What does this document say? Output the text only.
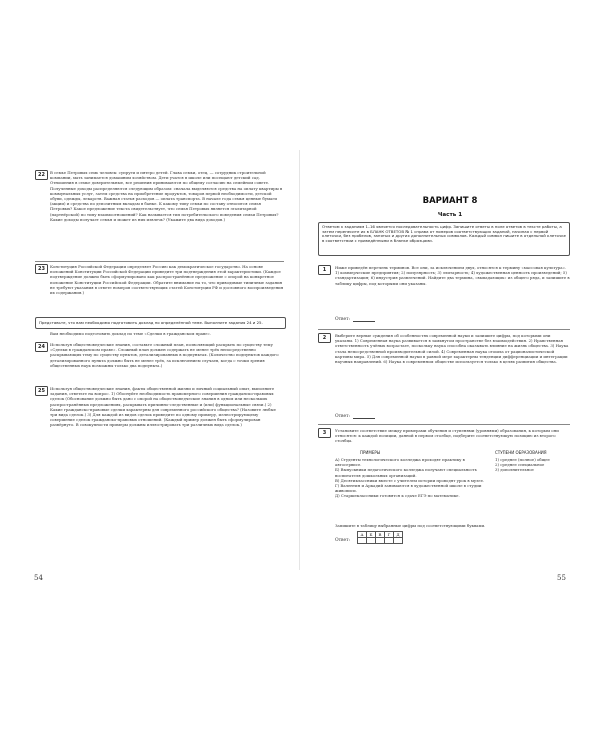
22	В семье Петровых семь человек: супруги и пятеро детей. Глава семьи, отец, — сотрудник строительной компании, мать занимается домашним хозяйством. Дети учатся в школе или посещают детский сад. Отношения в семье доверительные, все решения принимаются по общему согласию на семейном совете. Полученные доходы распределяются следующим образом: сначала выделяются средства на оплату квартиры в коммунальных услуг, затем средства на приобретение продуктов, товаров первой необходимости, детской обуви, одежды, лекарств. Важная статья расходов — оплата транспорта. В начале года семья ценные бумаги (акции) и средства по депозитным вкладам в банке. К какому типу семьи по составу относится семья Петровых? Какое предложение текста свидетельствует, что семья Петровых является эгалитарной (партнёрской) по типу взаимоотношений? Как называется тип потребительского поведения семьи Петровых? Какие доходы получает семья и может из них извлечь? (Укажите два вида доходов.)
23	Конституция Российской Федерации определяет Россию как демократическое государство. На основе положений Конституции Российской Федерации приведите три подтверждения этой характеристики. (Каждое подтверждение должно быть сформулировано как распространённое предложение с опорой на конкретное положение Конституции Российской Федерации. Обратите внимание на то, что приводимые типичные задания не требуют указания в ответе номеров соответствующих статей Конституции РФ и дословного воспроизведения их содержания.)
Представьте, что вам необходимо подготовить доклад по определённой теме. Выполните задания 24 и 25.
Вам необходимо подготовить доклад по теме «Сделки в гражданском праве».
24	Используя обществоведческие знания, составьте сложный план, позволяющий раскрыть по существу тему «Сделки в гражданском праве». Сложный план должен содержать не менее трёх непосредственно раскрывающих тему по существу пунктов, детализированных в подпунктах. (Количество подпунктов каждого детализированного пункта должно быть не менее трёх, за исключением случаев, когда с точки зрения общественных наук возможны только два подпункта.)
25	Используя обществоведческие знания, факты общественной жизни и личный социальный опыт, выполните задания, ответьте на вопрос. 1) Обоснуйте необходимость правомерного совершения гражданско-правовых сделок (Обоснование должно быть дано с опорой на обществоведческие знания в одном или нескольких распространённых предложениях, раскрывать причинно-следственные и (или) функциональные связи.) 2) Какие гражданско-правовые сделки характерны для современного российского общества? (Назовите любые три вида сделок.) 3) Для каждой из видов сделок приведите по одному примеру, иллюстрирующему совершение сделок гражданско-правовых отношений. (Каждый пример должен быть сформулирован развёрнуто. В совокупности примеры должны иллюстрировать три различных вида сделок.)
54
ВАРИАНТ 8
Часть 1
Ответом к заданиям 1–16 является последовательность цифр. Запишите ответы в поле ответов в тексте работы, а затем перенесите их в БЛАНК ОТВЕТОВ № 1 справа от номеров соответствующих заданий, начиная с первой клеточки, без пробелов, запятых и других дополнительных символов. Каждый символ пишите в отдельной клеточке в соответствии с приведёнными в бланке образцами.
1	Ниже приведён перечень терминов. Все они, за исключением двух, относятся к термину «массовая культура». 1) коммерческие предприятия; 2) популярность; 3) элитарность; 4) художественная ценность произведений; 5) стандартизация; 6) индустрия развлечений. Найдите два термина, «выпадающих» из общего ряда, и запишите в таблицу цифры, под которыми они указаны.
Ответ:
2	Выберите верные суждения об особенностях современной науки и запишите цифры, под которыми они указаны. 1) Современная наука развивается в замкнутом пространстве без взаимодействия. 2) Нравственная ответственность учёных возрастает, поскольку наука способна оказывать влияние на жизнь общества. 3) Наука стала непосредственной производительной силой. 4) Современная наука отошла от рационалистической картины мира. 5) Для современной науки в равной мере характерны тенденции дифференциации и интеграции научных направлений. 6) Наука в современном обществе используется только в целях развития общества.
Ответ:
3	Установите соответствие между примерами обучения и ступенями (уровнями) образования, к которым они относятся: к каждой позиции, данной в первом столбце, подберите соответствующую позицию из второго столбца.
ПРИМЕРЫ	СТУПЕНИ ОБРАЗОВАНИЯ
А) Студенты технологического колледжа проходят практику в автосервисе.
Б) Выпускники педагогического колледжа получают специальность воспитателя дошкольных организаций.
В) Десятиклассники вместе с учителем истории проводят урок в музее.
Г) Валентин и Аркадий занимаются в художественной школе в студии живописи.
Д) Старшеклассники готовятся к сдаче ЕГЭ по математике.
1) среднее (полное) общее
2) среднее специальное
3) дополнительное
Запишите в таблицу выбранные цифры под соответствующими буквами.
Ответ:
А	Б	В	Г	Д

55
